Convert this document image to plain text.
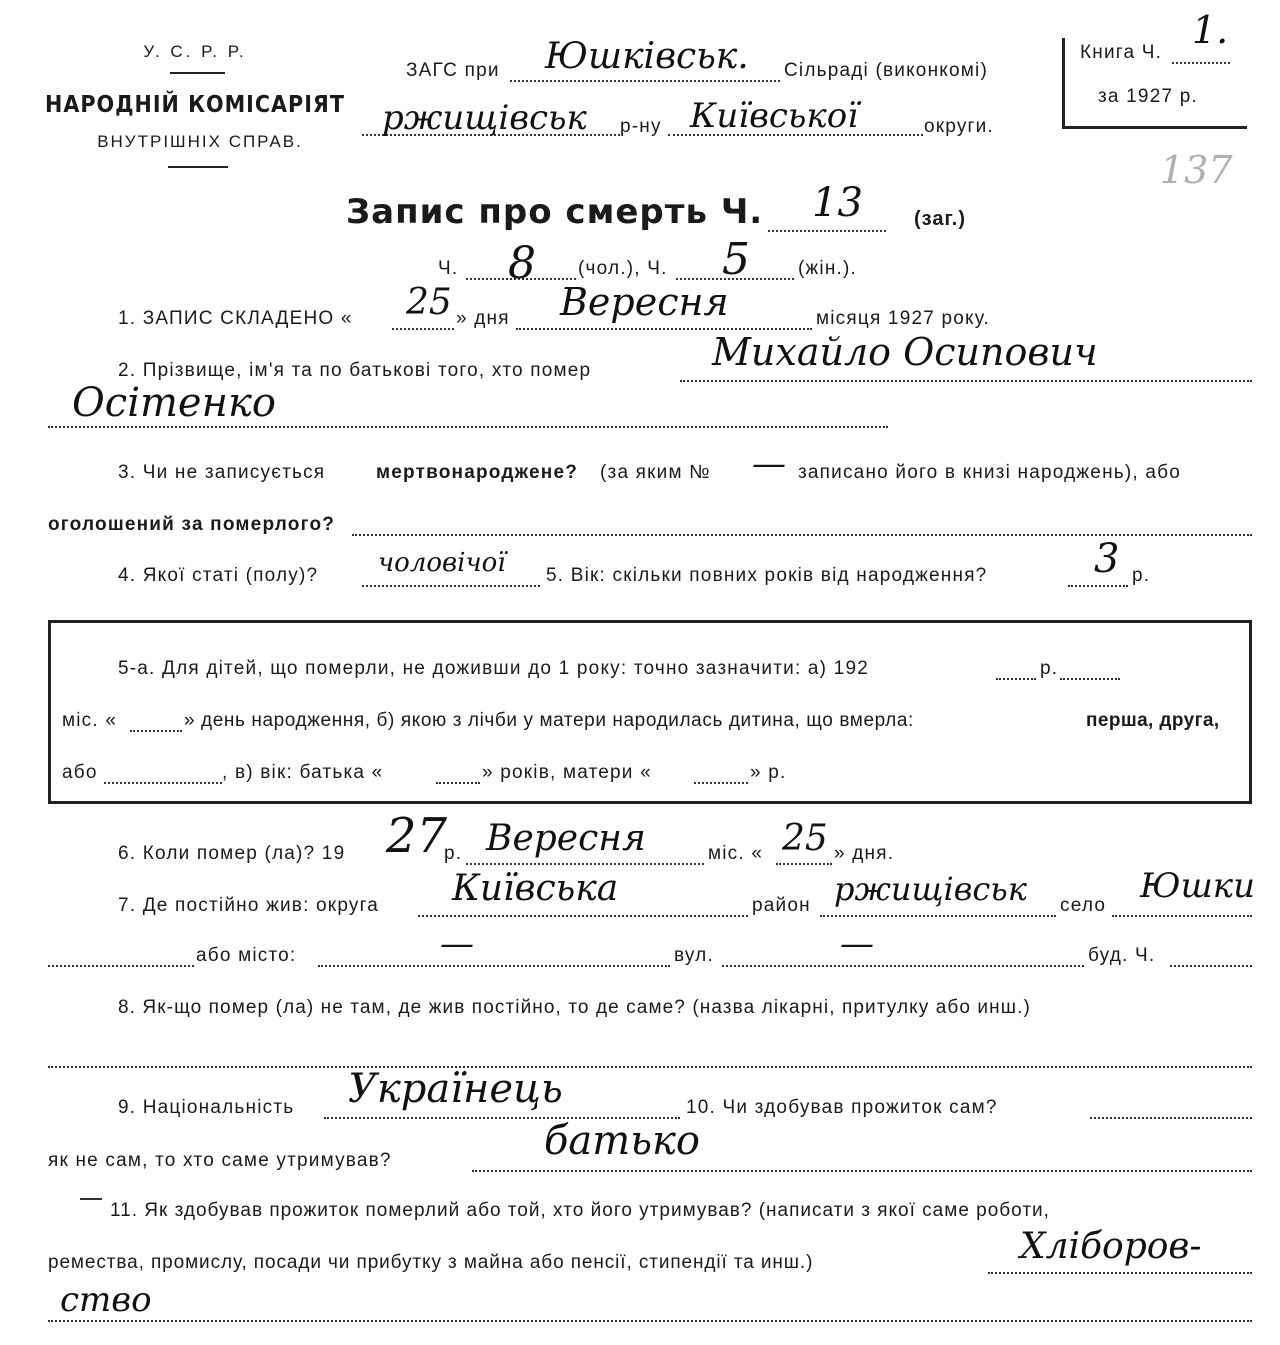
У. С. Р. Р.
НАРОДНІЙ КОМІСАРІЯТ
ВНУТРІШНІХ СПРАВ.
ЗАГС при Юшківськ. Сільраді (виконкомі)
ржищівськ р-ну Київської	округи.
Книга Ч.
1.
за 1927 р.
137
Запис про смерть Ч. 13	(заг.)
Ч. 8 (чол.), Ч. 5	(жін.).
1. ЗАПИС СКЛАДЕНО « 25 » дня Вересня	місяця 1927 року.
2. Прізвище, ім'я та по батькові того, хто помер	Михайло Осипович
Осітенко
3. Чи не записується	мертвонароджене? (за яким № — записано його в книзі народжень), або
оголошений за померлого?
4. Якої статі (полу)? чоловічої 5. Вік: скільки повних років від народження?	3 р.
5-а. Для дітей, що померли, не доживши до 1 року: точно зазначити: а) 192	р.
міс. «	» день народження, б) якою з лічби у матери народилась дитина, що вмерла:	перша, друга,
або	, в) вік: батька «	» років, матери «	» р.
6. Коли помер (ла)? 19 27
р. Вересня	міс. « 25 » дня.
7. Де постійно жив: округа Київська	район ржищівськ село Юшки
або місто:	—	вул.	—	буд. Ч.
8. Як-що помер (ла) не там, де жив постійно, то де саме? (назва лікарні, притулку або инш.)
9. Національність Українець	10. Чи здобував прожиток сам?
як не сам, то хто саме утримував?	батько
11. Як здобував прожиток померлий або той, хто його утримував? (написати з якої саме роботи,
ремества, промислу, посади чи прибутку з майна або пенсії, стипендії та инш.)	Хліборов-
ство
